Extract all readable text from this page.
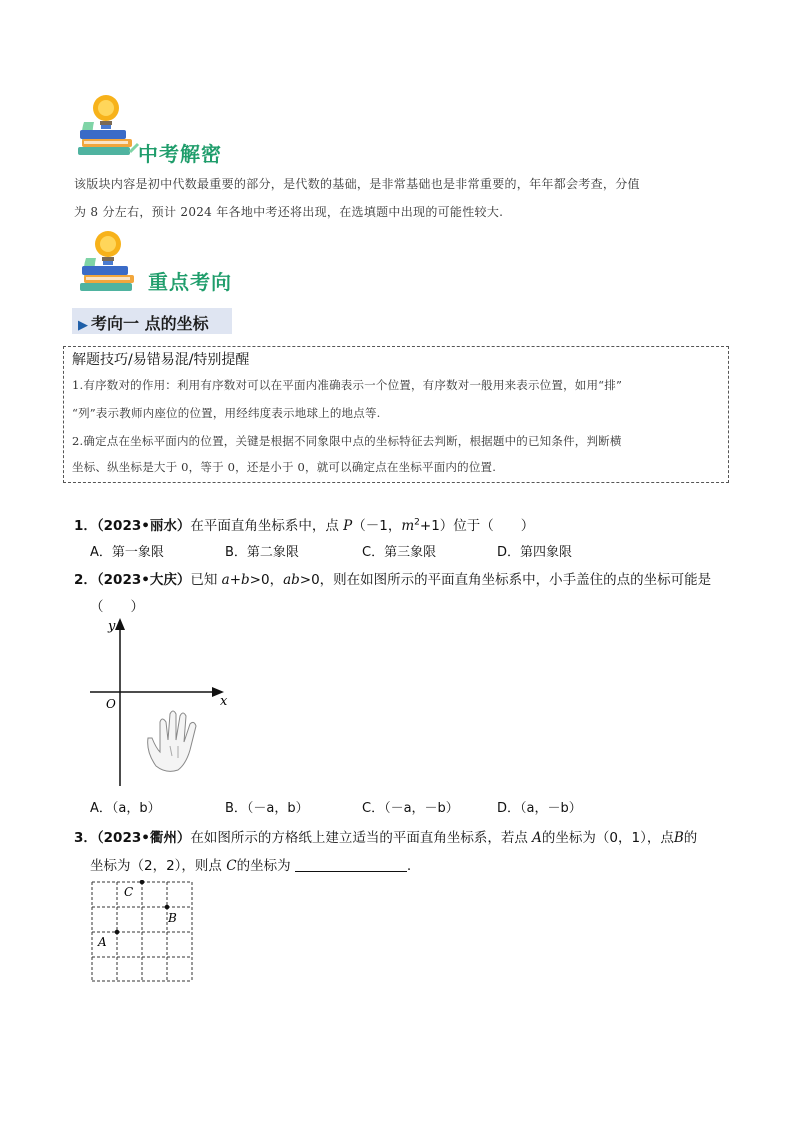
中考解密
该版块内容是初中代数最重要的部分，是代数的基础，是非常基础也是非常重要的，年年都会考查，分值
为 8 分左右，预计 2024 年各地中考还将出现，在选填题中出现的可能性较大.
重点考向
▶ 考向一 点的坐标
解题技巧/易错易混/特别提醒
1.有序数对的作用：利用有序数对可以在平面内准确表示一个位置，有序数对一般用来表示位置，如用“排”
“列”表示教师内座位的位置，用经纬度表示地球上的地点等.
2.确定点在坐标平面内的位置，关键是根据不同象限中点的坐标特征去判断，根据题中的已知条件，判断横
坐标、纵坐标是大于 0，等于 0，还是小于 0，就可以确定点在坐标平面内的位置.
1．（2023•丽水）在平面直角坐标系中，点 P（－1，$m^2+1$）位于（　　）
A．第一象限	B．第二象限	C．第三象限	D．第四象限
2．（2023•大庆）已知 a+b>0，ab>0，则在如图所示的平面直角坐标系中，小手盖住的点的坐标可能是
（　　）
y
x
O
A．（a，b）	B．（－a，b）	C．（－a，－b）	D．（a，－b）
3．（2023•衢州）在如图所示的方格纸上建立适当的平面直角坐标系，若点 A的坐标为（0，1），点B的
坐标为（2，2），则点 C的坐标为	.
C
B
A
